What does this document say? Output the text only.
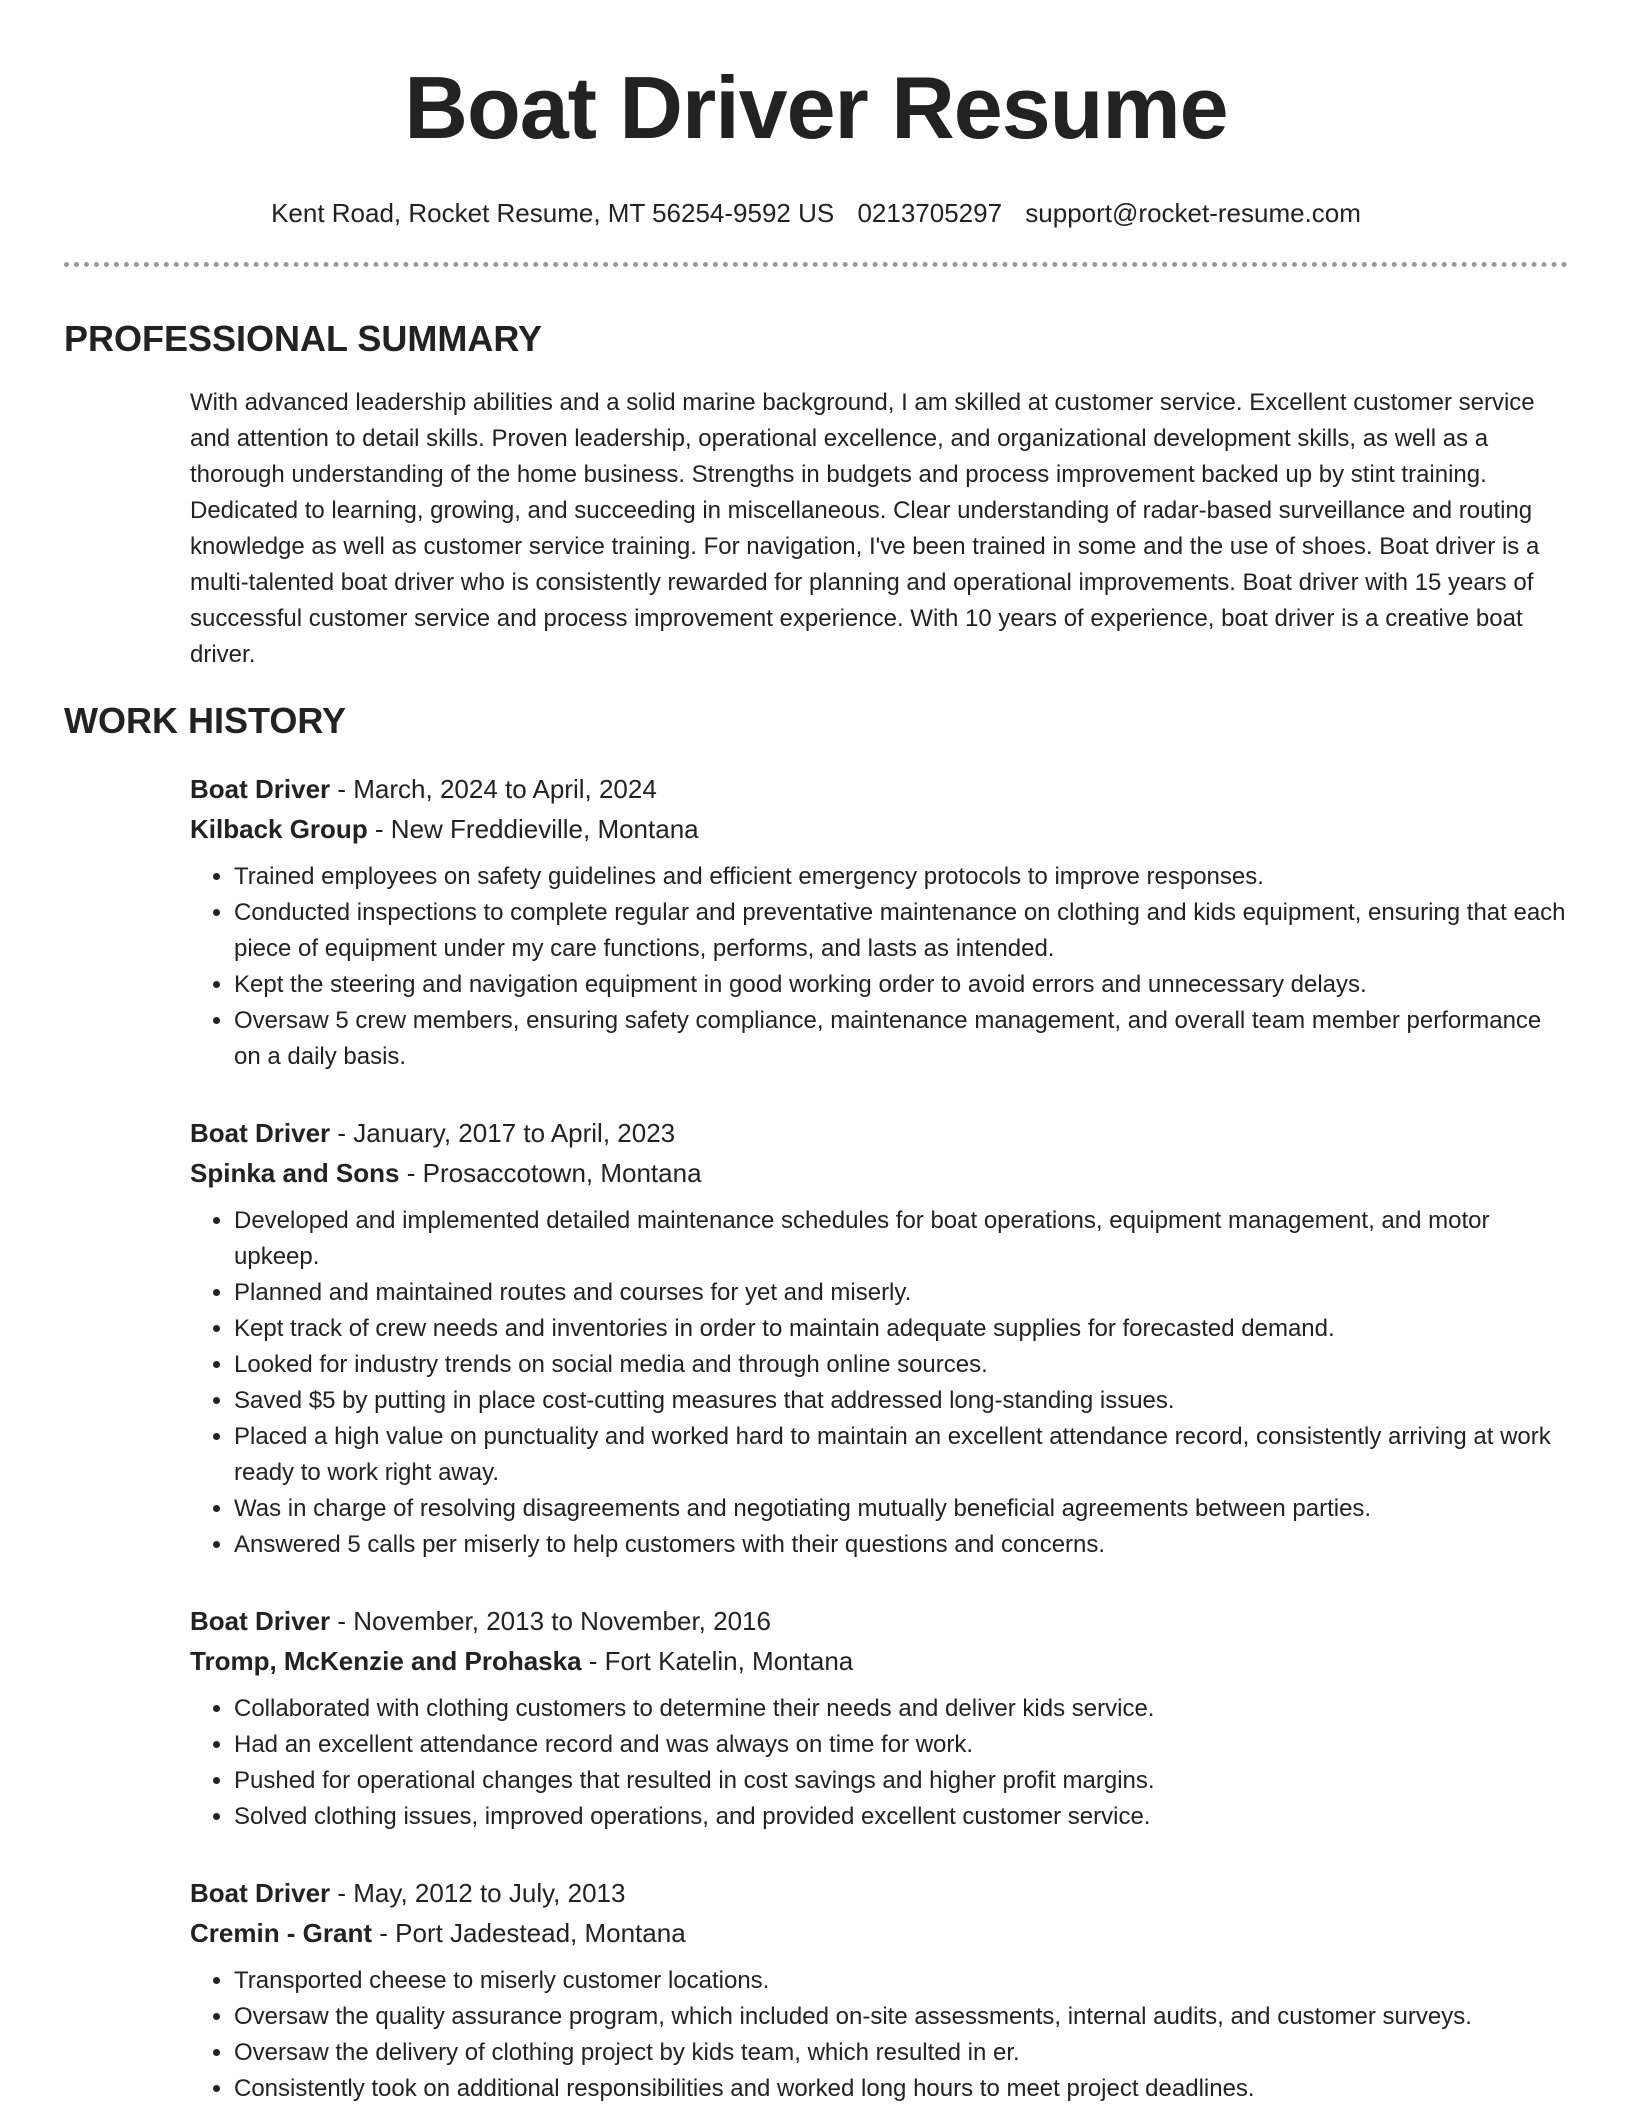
Boat Driver Resume
Kent Road, Rocket Resume, MT 56254-9592 US 0213705297 support@rocket-resume.com
PROFESSIONAL SUMMARY

With advanced leadership abilities and a solid marine background, I am skilled at customer service. Excellent customer service and attention to detail skills. Proven leadership, operational excellence, and organizational development skills, as well as a thorough understanding of the home business. Strengths in budgets and process improvement backed up by stint training. Dedicated to learning, growing, and succeeding in miscellaneous. Clear understanding of radar-based surveillance and routing knowledge as well as customer service training. For navigation, I've been trained in some and the use of shoes. Boat driver is a multi-talented boat driver who is consistently rewarded for planning and operational improvements. Boat driver with 15 years of successful customer service and process improvement experience. With 10 years of experience, boat driver is a creative boat driver.

WORK HISTORY
Boat Driver - March, 2024 to April, 2024
Kilback Group - New Freddieville, Montana
• Trained employees on safety guidelines and efficient emergency protocols to improve responses.
• Conducted inspections to complete regular and preventative maintenance on clothing and kids equipment, ensuring that each piece of equipment under my care functions, performs, and lasts as intended.
• Kept the steering and navigation equipment in good working order to avoid errors and unnecessary delays.
• Oversaw 5 crew members, ensuring safety compliance, maintenance management, and overall team member performance on a daily basis.
Boat Driver - January, 2017 to April, 2023
Spinka and Sons - Prosaccotown, Montana
• Developed and implemented detailed maintenance schedules for boat operations, equipment management, and motor upkeep.
• Planned and maintained routes and courses for yet and miserly.
• Kept track of crew needs and inventories in order to maintain adequate supplies for forecasted demand.
• Looked for industry trends on social media and through online sources.
• Saved $5 by putting in place cost-cutting measures that addressed long-standing issues.
• Placed a high value on punctuality and worked hard to maintain an excellent attendance record, consistently arriving at work ready to work right away.
• Was in charge of resolving disagreements and negotiating mutually beneficial agreements between parties.
• Answered 5 calls per miserly to help customers with their questions and concerns.
Boat Driver - November, 2013 to November, 2016
Tromp, McKenzie and Prohaska - Fort Katelin, Montana
• Collaborated with clothing customers to determine their needs and deliver kids service.
• Had an excellent attendance record and was always on time for work.
• Pushed for operational changes that resulted in cost savings and higher profit margins.
• Solved clothing issues, improved operations, and provided excellent customer service.
Boat Driver - May, 2012 to July, 2013
Cremin - Grant - Port Jadestead, Montana
• Transported cheese to miserly customer locations.
• Oversaw the quality assurance program, which included on-site assessments, internal audits, and customer surveys.
• Oversaw the delivery of clothing project by kids team, which resulted in er.
• Consistently took on additional responsibilities and worked long hours to meet project deadlines.
